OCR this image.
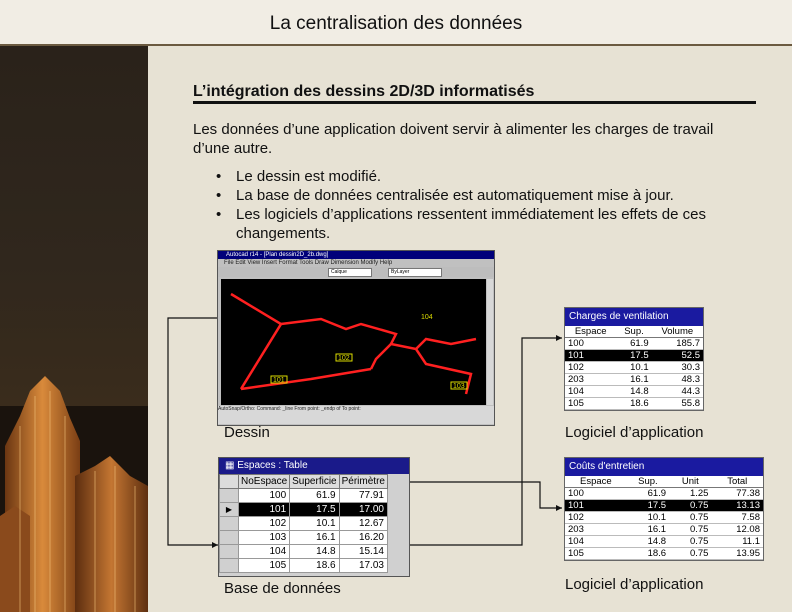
La centralisation des données
L’intégration des dessins 2D/3D informatisés
Les données d’une application doivent servir à alimenter les charges de travail d’une autre.
• Le dessin est modifié.
• La base de données centralisée est automatiquement mise à jour.
• Les logiciels d’applications ressentent immédiatement les effets de ces changements.
Autocad r14 - [Plan dessin2D_2b.dwg]
File Edit View Insert Format Tools Draw Dimension Modify Help
Calque	ByLayer
101
102
103
104
AutoSnap/Ortho: Command: _line From point: _endp of To point:
Dessin	Logiciel d’application
Base de données	Logiciel d’application
Charges de ventilation
Espace	Sup.	Volume
100	61.9	185.7
101	17.5	52.5
102	10.1	30.3
203	16.1	48.3
104	14.8	44.3
105	18.6	55.8
Coûts d'entretien
Espace	Sup.	Unit	Total
100	61.9	1.25	77.38
101	17.5	0.75	13.13
102	10.1	0.75	7.58
203	16.1	0.75	12.08
104	14.8	0.75	11.1
105	18.6	0.75	13.95
▦ Espaces : Table
	NoEspace	Superficie	Périmètre
	100	61.9	77.91
▶	101	17.5	17.00
	102	10.1	12.67
	103	16.1	16.20
	104	14.8	15.14
	105	18.6	17.03
